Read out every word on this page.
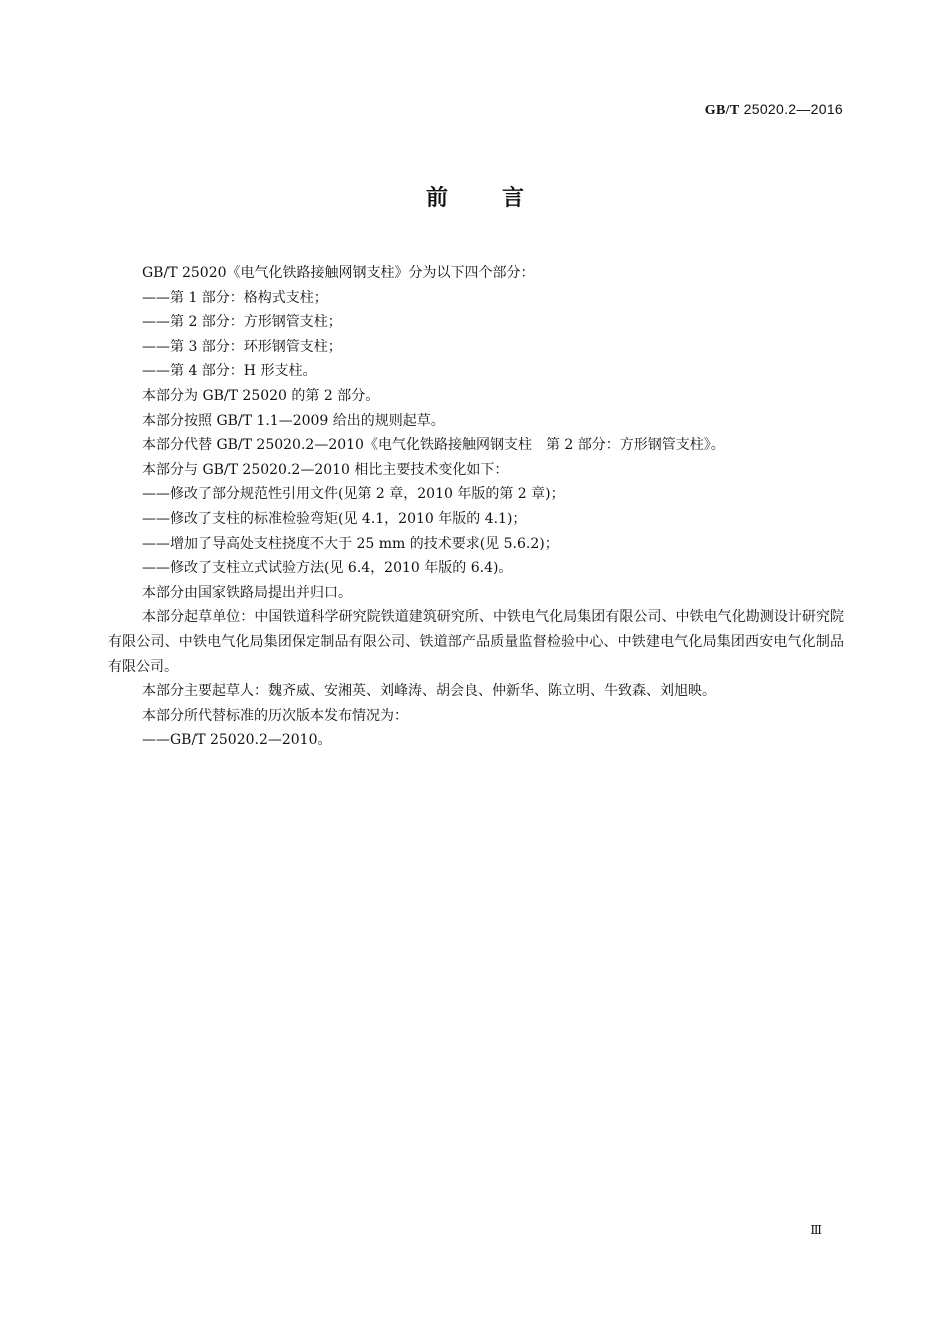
GB/T 25020.2—2016
前言

GB/T 25020《电气化铁路接触网钢支柱》分为以下四个部分：

——第 1 部分：格构式支柱；

——第 2 部分：方形钢管支柱；

——第 3 部分：环形钢管支柱；

——第 4 部分：H 形支柱。

本部分为 GB/T 25020 的第 2 部分。

本部分按照 GB/T 1.1—2009 给出的规则起草。

本部分代替 GB/T 25020.2—2010《电气化铁路接触网钢支柱　第 2 部分：方形钢管支柱》。

本部分与 GB/T 25020.2—2010 相比主要技术变化如下：

——修改了部分规范性引用文件(见第 2 章，2010 年版的第 2 章)；

——修改了支柱的标准检验弯矩(见 4.1，2010 年版的 4.1)；

——增加了导高处支柱挠度不大于 25 mm 的技术要求(见 5.6.2)；

——修改了支柱立式试验方法(见 6.4，2010 年版的 6.4)。

本部分由国家铁路局提出并归口。

本部分起草单位：中国铁道科学研究院铁道建筑研究所、中铁电气化局集团有限公司、中铁电气化勘测设计研究院有限公司、中铁电气化局集团保定制品有限公司、铁道部产品质量监督检验中心、中铁建电气化局集团西安电气化制品有限公司。

本部分主要起草人：魏齐威、安湘英、刘峰涛、胡会良、仲新华、陈立明、牛致森、刘旭映。

本部分所代替标准的历次版本发布情况为：

——GB/T 25020.2—2010。

Ⅲ
